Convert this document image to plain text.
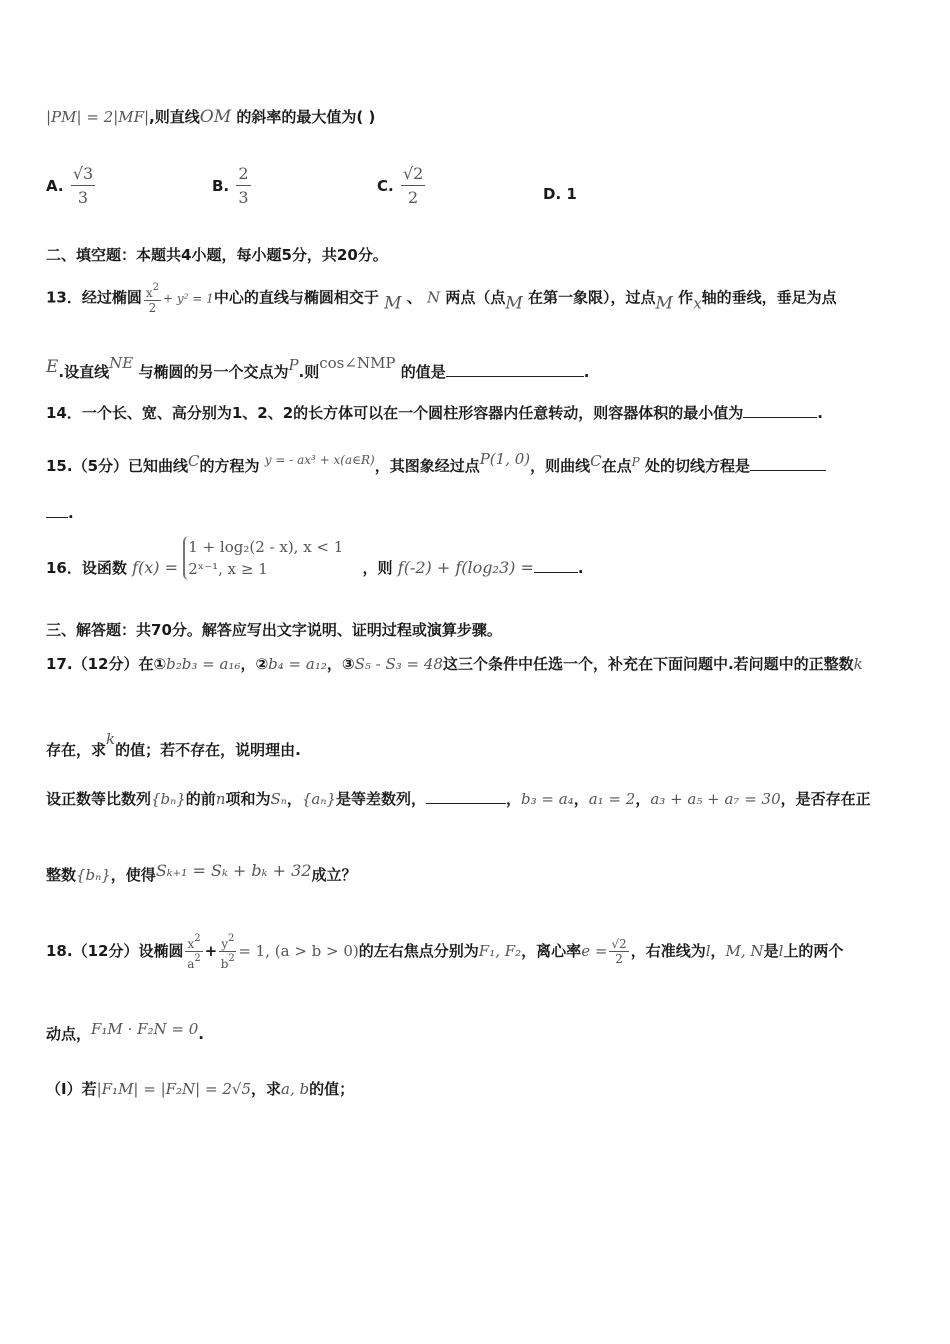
|PM| = 2|MF|,则直线OM 的斜率的最大值为( )
A. $\frac{√3}{3}$	B. $\frac{2}{3}$	C. $\frac{√2}{2}$	D. 1
二、填空题：本题共4小题，每小题5分，共20分。
13．经过椭圆 $\frac{x^2}{2} + y^2 = 1$中心的直线与椭圆相交于 M 、 N 两点（点M 在第一象限），过点M 作x轴的垂线，垂足为点
E.设直线NE 与椭圆的另一个交点为P.则cos∠NMP 的值是	.
14．一个长、宽、高分别为1、2、2的长方体可以在一个圆柱形容器内任意转动，则容器体积的最小值为	.
15.（5分）已知曲线C的方程为 $^{y = - ax^3 + x(a\in R)}$，其图象经过点P(1, 0)，则曲线C在点$^P$ 处的切线方程是
.
16．设函数 f(x) =
1 + log₂(2 - x), x < 1
2ˣ⁻¹, x ≥ 1	，则 f(-2) + f(log₂3) =	.
三、解答题：共70分。解答应写出文字说明、证明过程或演算步骤。
17.（12分）在①b₂b₃ = a₁₆，②b₄ = a₁₂，③S₅ - S₃ = 48这三个条件中任选一个，补充在下面问题中.若问题中的正整数k
存在，求k的值；若不存在，说明理由.
设正数等比数列{bₙ}的前n项和为Sₙ，{aₙ}是等差数列，	，b₃ = a₄，a₁ = 2，a₃ + a₅ + a₇ = 30，是否存在正
整数{bₙ}，使得Sₖ₊₁ = Sₖ + bₖ + 32成立？
18.（12分）设椭圆 $\frac{x^2}{a^2} + \frac{y^2}{b^2} = 1$, (a > b > 0)的左右焦点分别为F₁, F₂，离心率$e = \frac{√2}{2}$ ，右准线为l，M, N是l上的两个
动点，F₁M · F₂N = 0.
（Ⅰ）若|F₁M| = |F₂N| = 2√5，求a, b的值；
